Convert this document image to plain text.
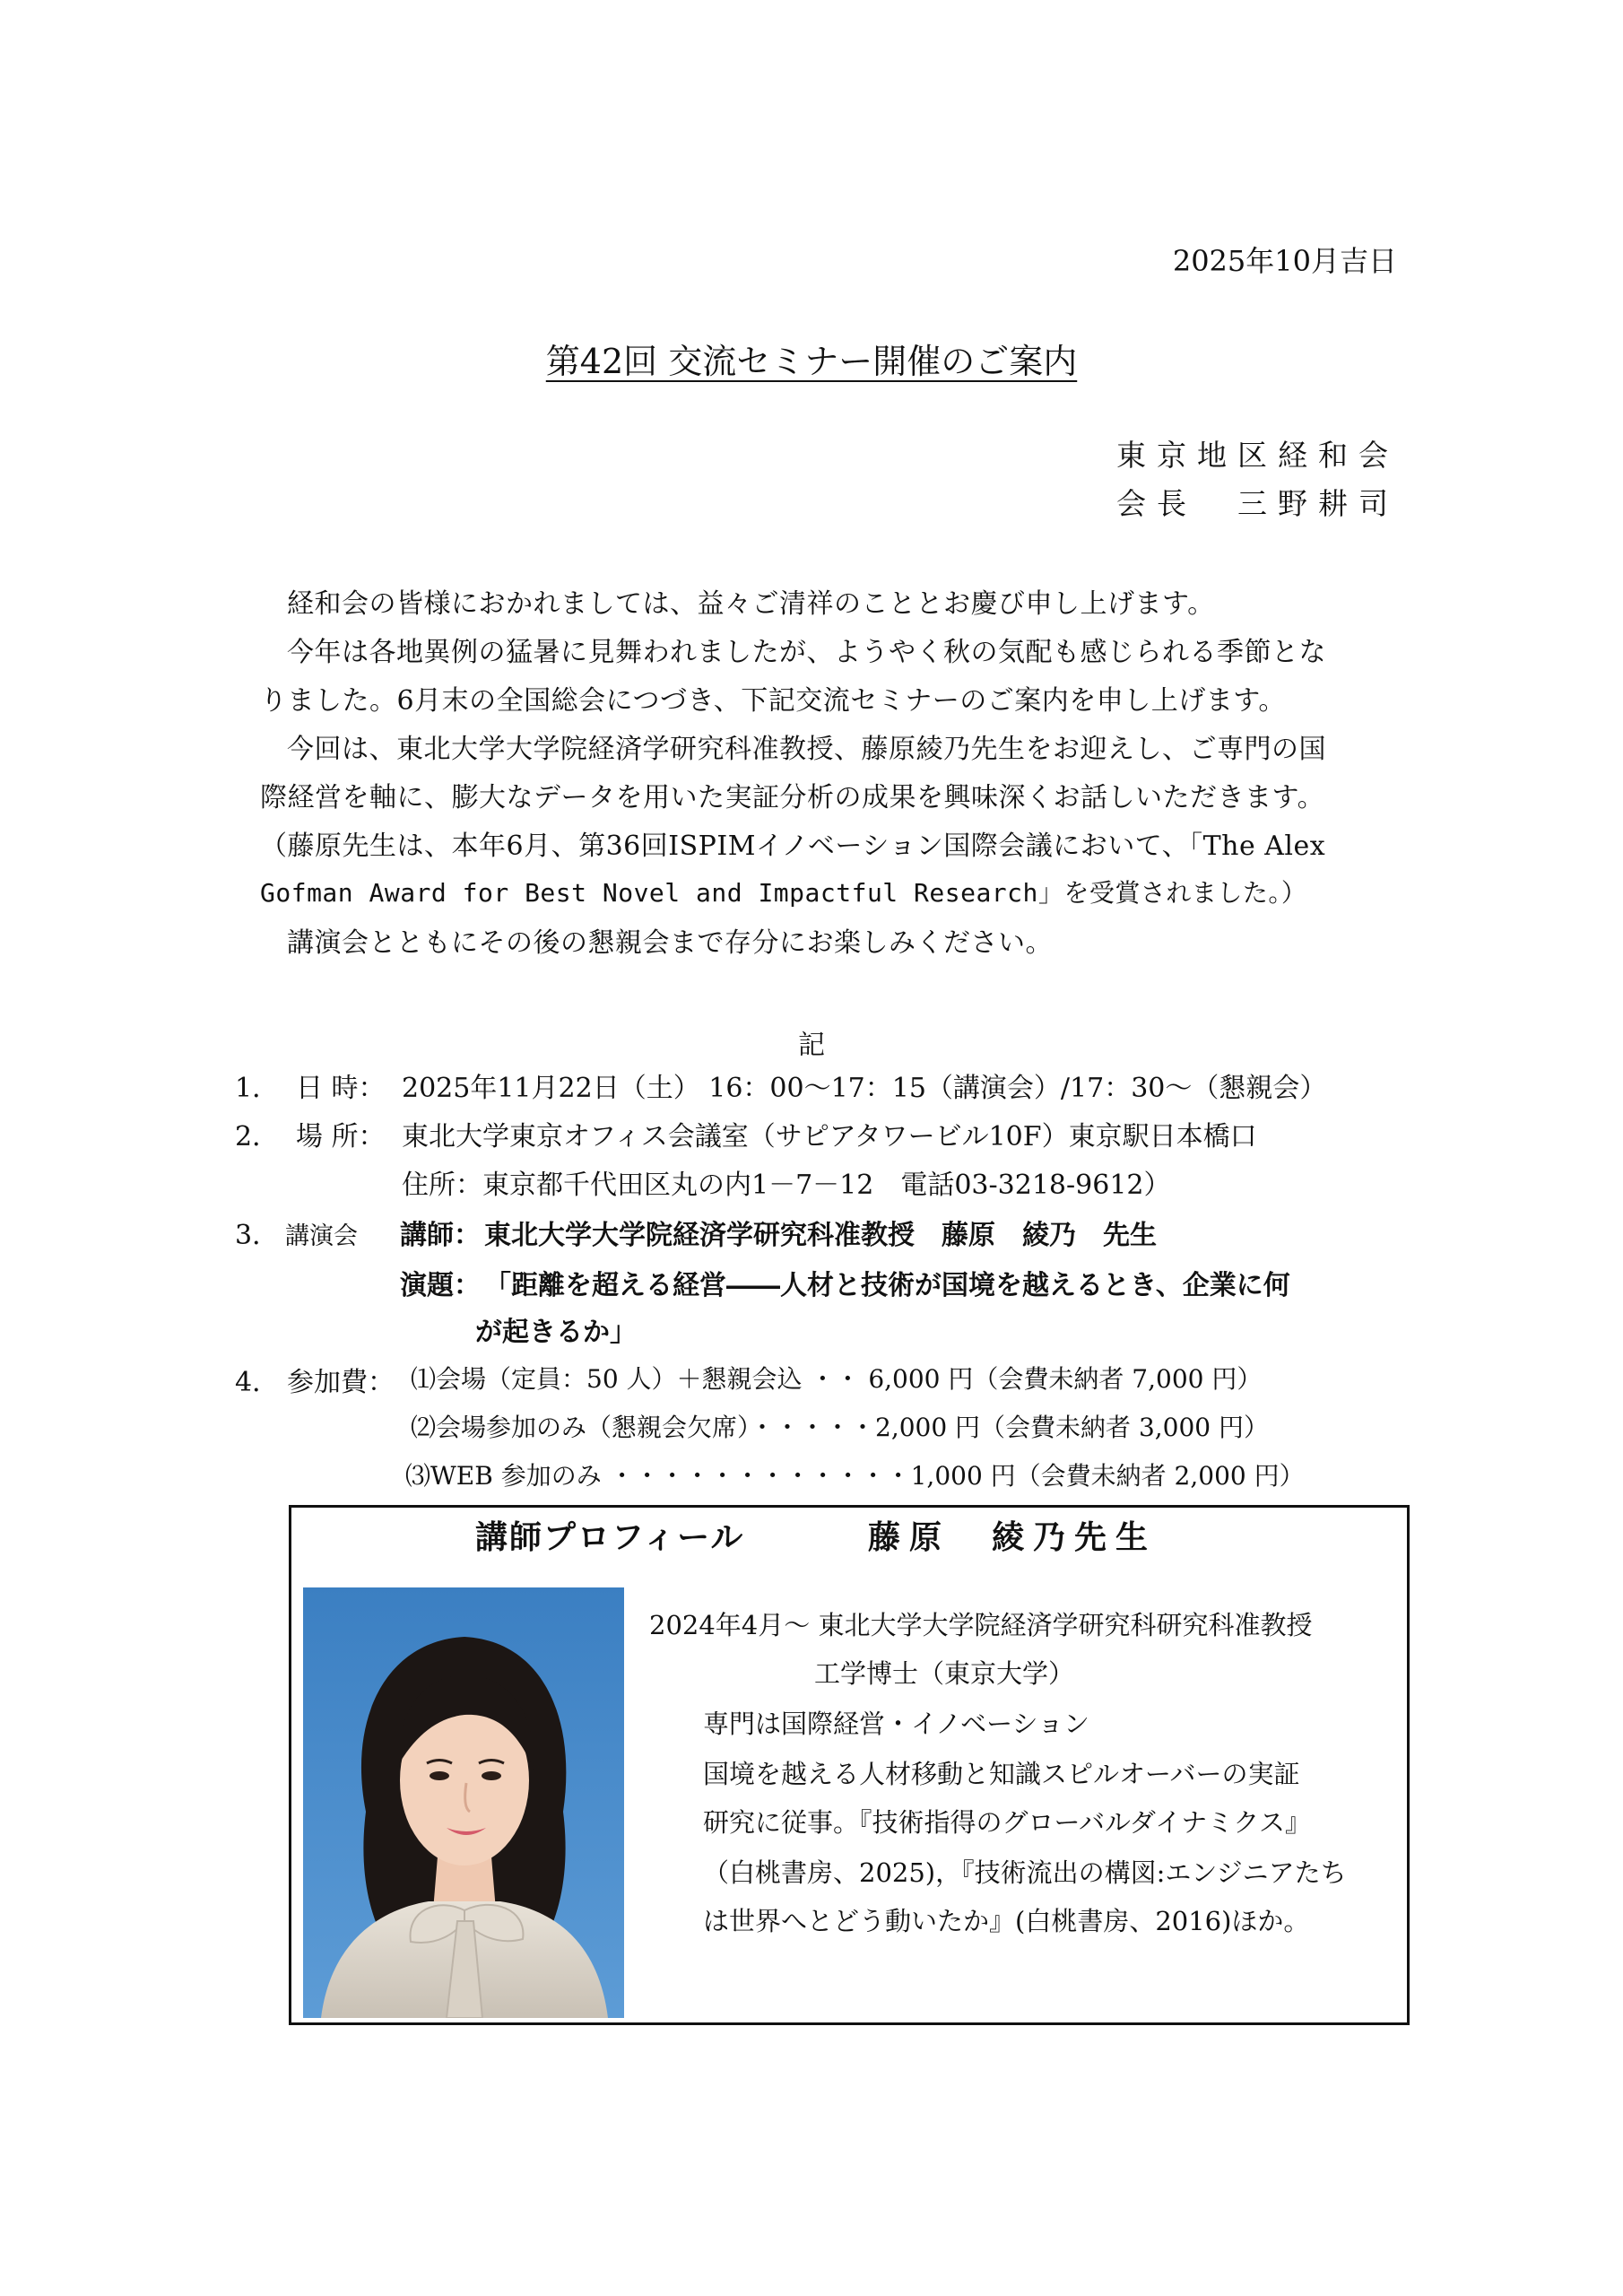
2025年10月吉日
第42回 交流セミナー開催のご案内
東京地区経和会
会長　三野耕司
経和会の皆様におかれましては、益々ご清祥のこととお慶び申し上げます。
今年は各地異例の猛暑に見舞われましたが、ようやく秋の気配も感じられる季節とな
りました。6月末の全国総会につづき、下記交流セミナーのご案内を申し上げます。
今回は、東北大学大学院経済学研究科准教授、藤原綾乃先生をお迎えし、ご専門の国
際経営を軸に、膨大なデータを用いた実証分析の成果を興味深くお話しいただきます。
（藤原先生は、本年6月、第36回ISPIMイノベーション国際会議において、「The Alex
Gofman Award for Best Novel and Impactful Research」を受賞されました。）
講演会とともにその後の懇親会まで存分にお楽しみください。
記
1． 日 時： 2025年11月22日（土） 16：00～17：15（講演会）/17：30～（懇親会）
2． 場 所： 東北大学東京オフィス会議室（サピアタワービル10F）東京駅日本橋口
住所：東京都千代田区丸の内1－7－12　電話03-3218-9612）
3． 講演会 講師： 東北大学大学院経済学研究科准教授　藤原　綾乃　先生
演題： 「距離を超える経営――人材と技術が国境を越えるとき、企業に何
が起きるか」
4． 参加費： ⑴会場（定員：50 人）＋懇親会込 ・・ 6,000 円（会費未納者 7,000 円）
⑵会場参加のみ（懇親会欠席）・・・・・2,000 円（会費未納者 3,000 円）
⑶WEB 参加のみ ・・・・・・・・・・・・1,000 円（会費未納者 2,000 円）
講師プロフィール	藤原　綾乃先生
2024年4月～ 東北大学大学院経済学研究科研究科准教授
工学博士（東京大学）
専門は国際経営・イノベーション
国境を越える人材移動と知識スピルオーバーの実証
研究に従事。『技術指得のグローバルダイナミクス』
（白桃書房、2025)，『技術流出の構図:エンジニアたち
は世界へとどう動いたか』(白桃書房、2016)ほか。
